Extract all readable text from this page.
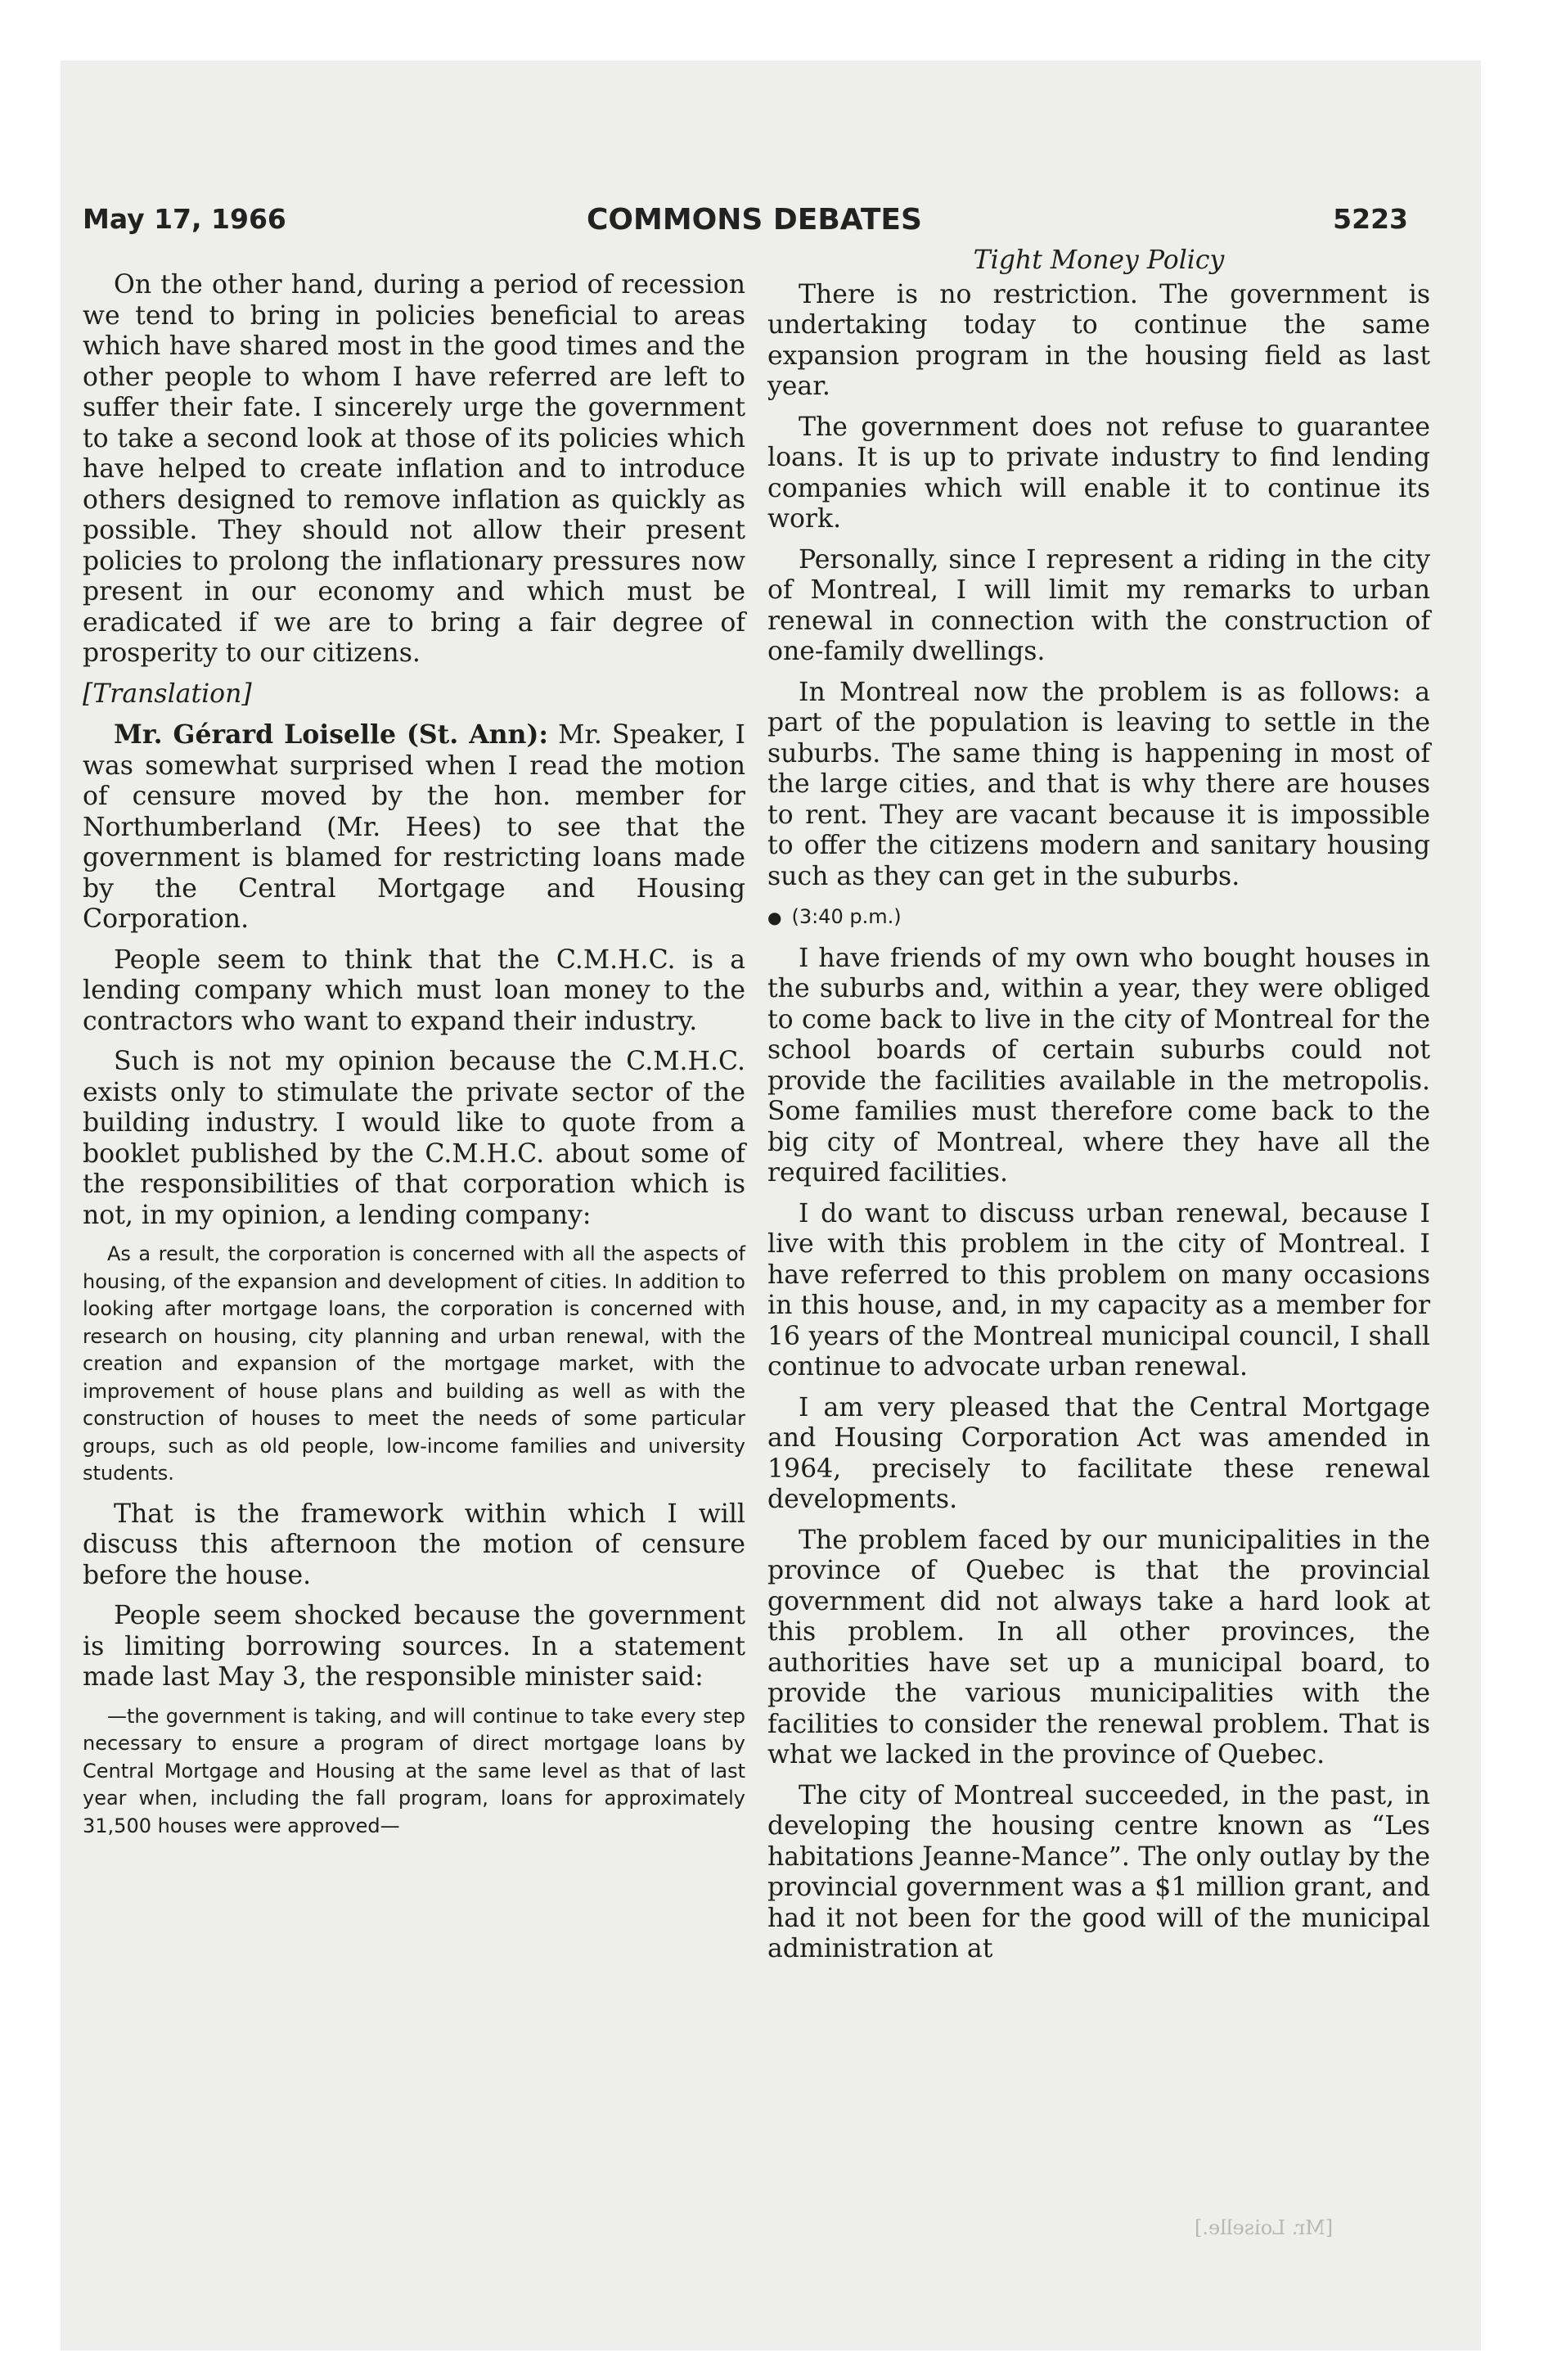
May 17, 1966	COMMONS DEBATES	5223

On the other hand, during a period of recession we tend to bring in policies beneficial to areas which have shared most in the good times and the other people to whom I have referred are left to suffer their fate. I sincerely urge the government to take a second look at those of its policies which have helped to create inflation and to introduce others designed to remove inflation as quickly as possible. They should not allow their present policies to prolong the inflationary pressures now present in our economy and which must be eradicated if we are to bring a fair degree of prosperity to our citizens.

[Translation]

Mr. Gérard Loiselle (St. Ann): Mr. Speaker, I was somewhat surprised when I read the motion of censure moved by the hon. member for Northumberland (Mr. Hees) to see that the government is blamed for restricting loans made by the Central Mortgage and Housing Corporation.

People seem to think that the C.M.H.C. is a lending company which must loan money to the contractors who want to expand their industry.

Such is not my opinion because the C.M.H.C. exists only to stimulate the private sector of the building industry. I would like to quote from a booklet published by the C.M.H.C. about some of the responsibilities of that corporation which is not, in my opinion, a lending company:

As a result, the corporation is concerned with all the aspects of housing, of the expansion and development of cities. In addition to looking after mortgage loans, the corporation is concerned with research on housing, city planning and urban renewal, with the creation and expansion of the mortgage market, with the improvement of house plans and building as well as with the construction of houses to meet the needs of some particular groups, such as old people, low-income families and university students.

That is the framework within which I will discuss this afternoon the motion of censure before the house.

People seem shocked because the government is limiting borrowing sources. In a statement made last May 3, the responsible minister said:

—the government is taking, and will continue to take every step necessary to ensure a program of direct mortgage loans by Central Mortgage and Housing at the same level as that of last year when, including the fall program, loans for approximately 31,500 houses were approved—

Tight Money Policy

There is no restriction. The government is undertaking today to continue the same expansion program in the housing field as last year.

The government does not refuse to guarantee loans. It is up to private industry to find lending companies which will enable it to continue its work.

Personally, since I represent a riding in the city of Montreal, I will limit my remarks to urban renewal in connection with the construction of one-family dwellings.

In Montreal now the problem is as follows: a part of the population is leaving to settle in the suburbs. The same thing is happening in most of the large cities, and that is why there are houses to rent. They are vacant because it is impossible to offer the citizens modern and sanitary housing such as they can get in the suburbs.

● (3:40 p.m.)

I have friends of my own who bought houses in the suburbs and, within a year, they were obliged to come back to live in the city of Montreal for the school boards of certain suburbs could not provide the facilities available in the metropolis. Some families must therefore come back to the big city of Montreal, where they have all the required facilities.

I do want to discuss urban renewal, because I live with this problem in the city of Montreal. I have referred to this problem on many occasions in this house, and, in my capacity as a member for 16 years of the Montreal municipal council, I shall continue to advocate urban renewal.

I am very pleased that the Central Mortgage and Housing Corporation Act was amended in 1964, precisely to facilitate these renewal developments.

The problem faced by our municipalities in the province of Quebec is that the provincial government did not always take a hard look at this problem. In all other provinces, the authorities have set up a municipal board, to provide the various municipalities with the facilities to consider the renewal problem. That is what we lacked in the province of Quebec.

The city of Montreal succeeded, in the past, in developing the housing centre known as “Les habitations Jeanne-Mance”. The only outlay by the provincial government was a $1 million grant, and had it not been for the good will of the municipal administration at

[Mr. Loiselle.]
